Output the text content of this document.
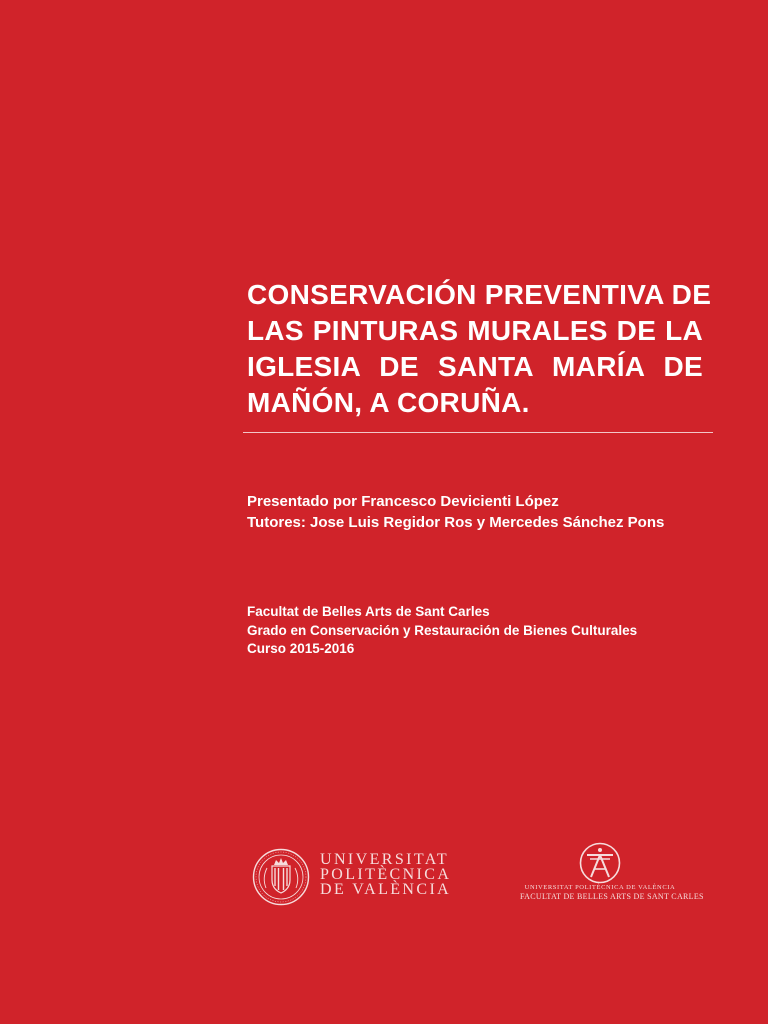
CONSERVACIÓN PREVENTIVA DE
LAS PINTURAS MURALES DE LA
IGLESIA DE SANTA MARÍA DE
MAÑÓN, A CORUÑA.
Presentado por Francesco Devicienti López
Tutores: Jose Luis Regidor Ros y Mercedes Sánchez Pons
Facultat de Belles Arts de Sant Carles
Grado en Conservación y Restauración de Bienes Culturales
Curso 2015-2016
UNIVERSITAT
POLITÈCNICA
DE VALÈNCIA	UNIVERSITAT POLITÈCNICA DE VALÈNCIA
FACULTAT DE BELLES ARTS DE SANT CARLES
